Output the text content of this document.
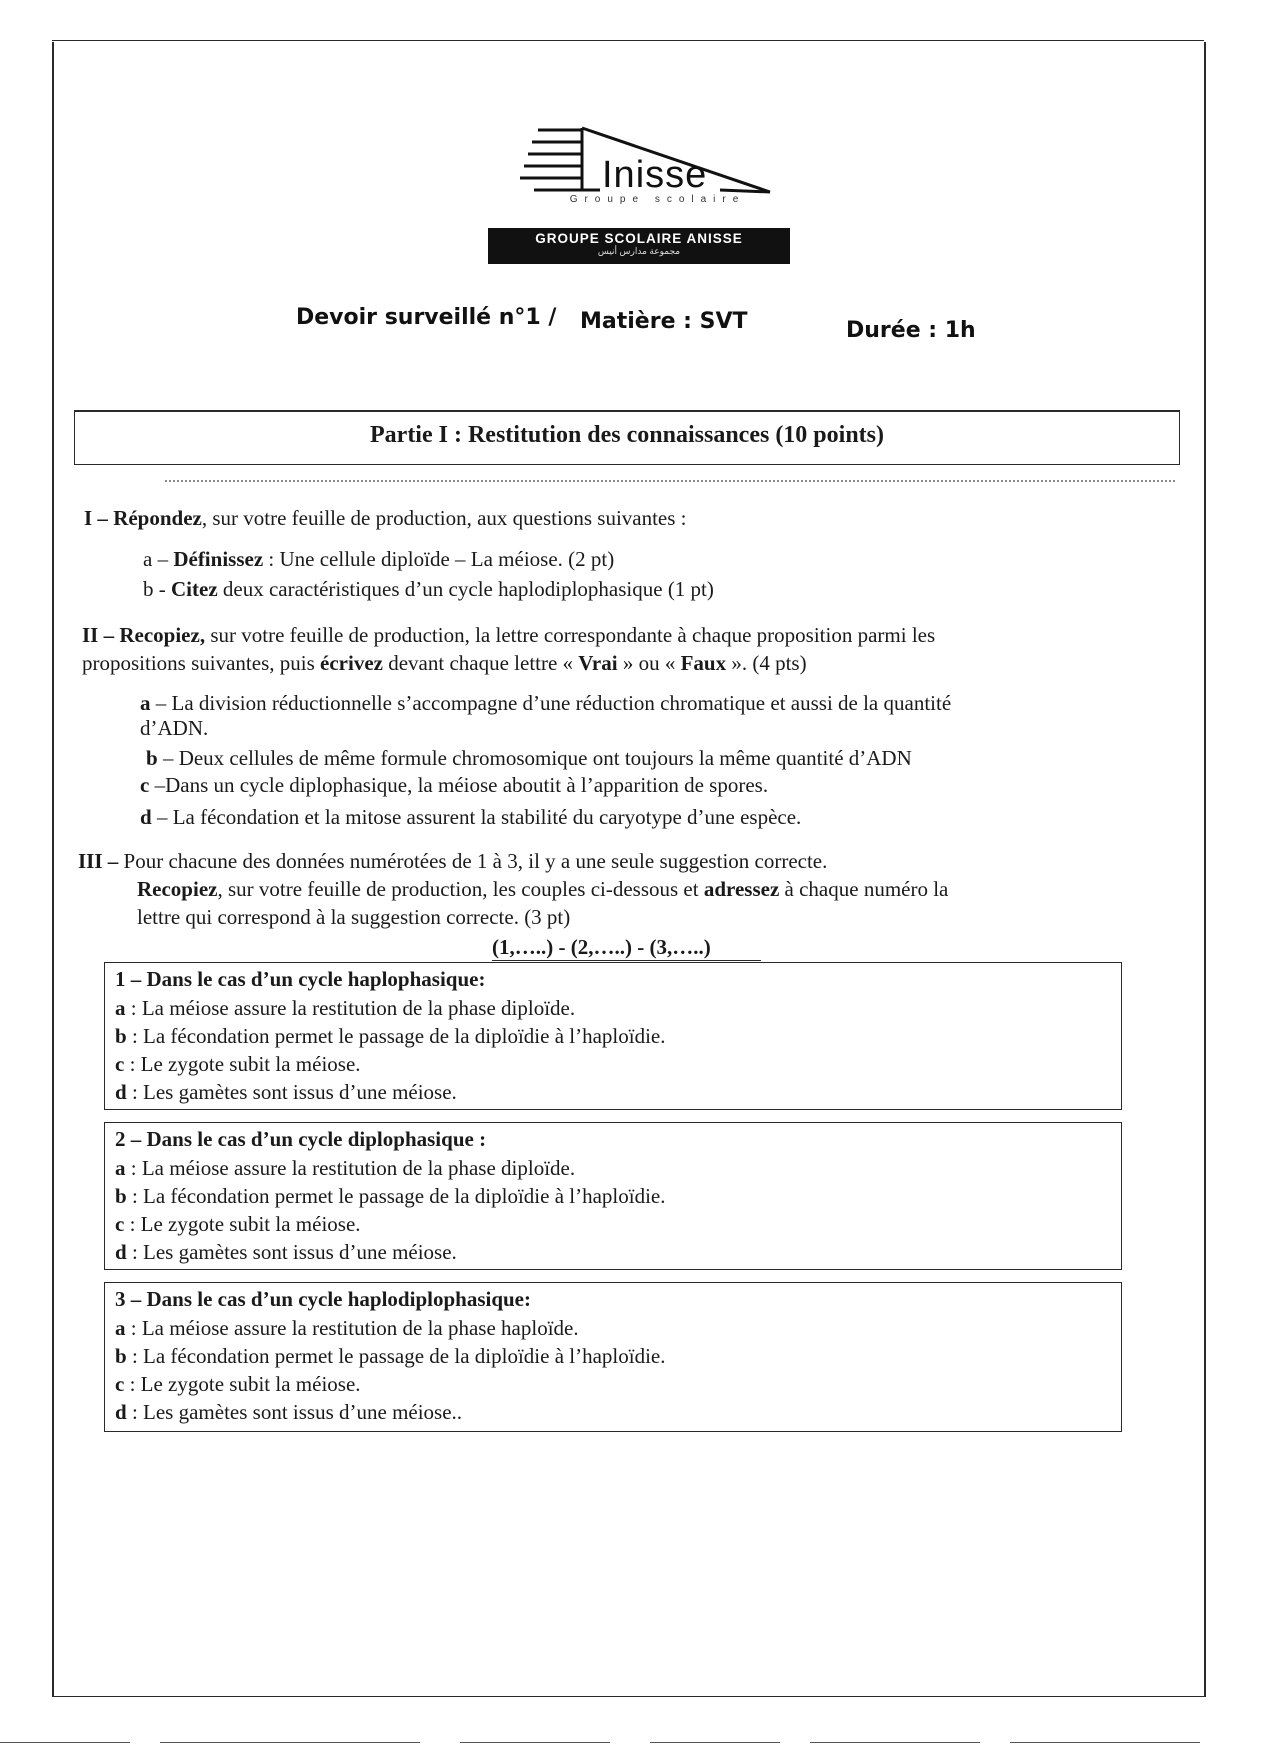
Inisse
Groupe scolaire
GROUPE SCOLAIRE ANISSE
مجموعة مدارس أنيس
Devoir surveillé n°1 / Matière : SVT	Durée : 1h
Partie I : Restitution des connaissances (10 points)
I – Répondez, sur votre feuille de production, aux questions suivantes :
a – Définissez : Une cellule diploïde – La méiose. (2 pt)
b - Citez deux caractéristiques d’un cycle haplodiplophasique (1 pt)
II – Recopiez, sur votre feuille de production, la lettre correspondante à chaque proposition parmi les
propositions suivantes, puis écrivez devant chaque lettre « Vrai » ou « Faux ». (4 pts)
a – La division réductionnelle s’accompagne d’une réduction chromatique et aussi de la quantité
d’ADN.
b – Deux cellules de même formule chromosomique ont toujours la même quantité d’ADN
c –Dans un cycle diplophasique, la méiose aboutit à l’apparition de spores.
d – La fécondation et la mitose assurent la stabilité du caryotype d’une espèce.
III – Pour chacune des données numérotées de 1 à 3, il y a une seule suggestion correcte.
Recopiez, sur votre feuille de production, les couples ci-dessous et adressez à chaque numéro la
lettre qui correspond à la suggestion correcte. (3 pt)
(1,…..) - (2,…..) - (3,…..)
1 – Dans le cas d’un cycle haplophasique:
a : La méiose assure la restitution de la phase diploïde.
b : La fécondation permet le passage de la diploïdie à l’haploïdie.
c : Le zygote subit la méiose.
d : Les gamètes sont issus d’une méiose.
2 – Dans le cas d’un cycle diplophasique :
a : La méiose assure la restitution de la phase diploïde.
b : La fécondation permet le passage de la diploïdie à l’haploïdie.
c : Le zygote subit la méiose.
d : Les gamètes sont issus d’une méiose.
3 – Dans le cas d’un cycle haplodiplophasique:
a : La méiose assure la restitution de la phase haploïde.
b : La fécondation permet le passage de la diploïdie à l’haploïdie.
c : Le zygote subit la méiose.
d : Les gamètes sont issus d’une méiose..
